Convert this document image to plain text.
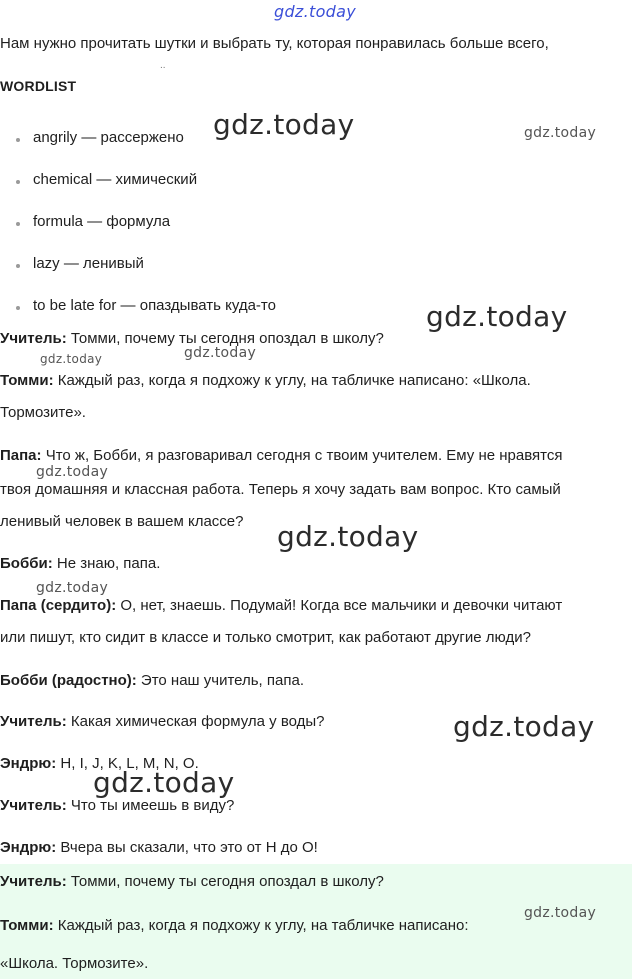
gdz.today
Нам нужно прочитать шутки и выбрать ту, которая понравилась больше всего,
..
WORDLIST
angrily — рассержено
chemical — химический
formula — формула
lazy — ленивый
to be late for — опаздывать куда-то
Учитель: Томми, почему ты сегодня опоздал в школу?
Томми: Каждый раз, когда я подхожу к углу, на табличке написано: «Школа.
Тормозите».
Папа: Что ж, Бобби, я разговаривал сегодня с твоим учителем. Ему не нравятся
твоя домашняя и классная работа. Теперь я хочу задать вам вопрос. Кто самый
ленивый человек в вашем классе?
Бобби: Не знаю, папа.
Папа (сердито): О, нет, знаешь. Подумай! Когда все мальчики и девочки читают
или пишут, кто сидит в классе и только смотрит, как работают другие люди?
Бобби (радостно): Это наш учитель, папа.
Учитель: Какая химическая формула у воды?
Эндрю: H, I, J, K, L, M, N, O.
Учитель: Что ты имеешь в виду?
Эндрю: Вчера вы сказали, что это от H до O!
Учитель: Томми, почему ты сегодня опоздал в школу?
Томми: Каждый раз, когда я подхожу к углу, на табличке написано:
«Школа. Тормозите».
gdz.today	gdz.today
gdz.today
gdz.today	gdz.today
gdz.today
gdz.today
gdz.today
gdz.today
gdz.today
gdz.today
